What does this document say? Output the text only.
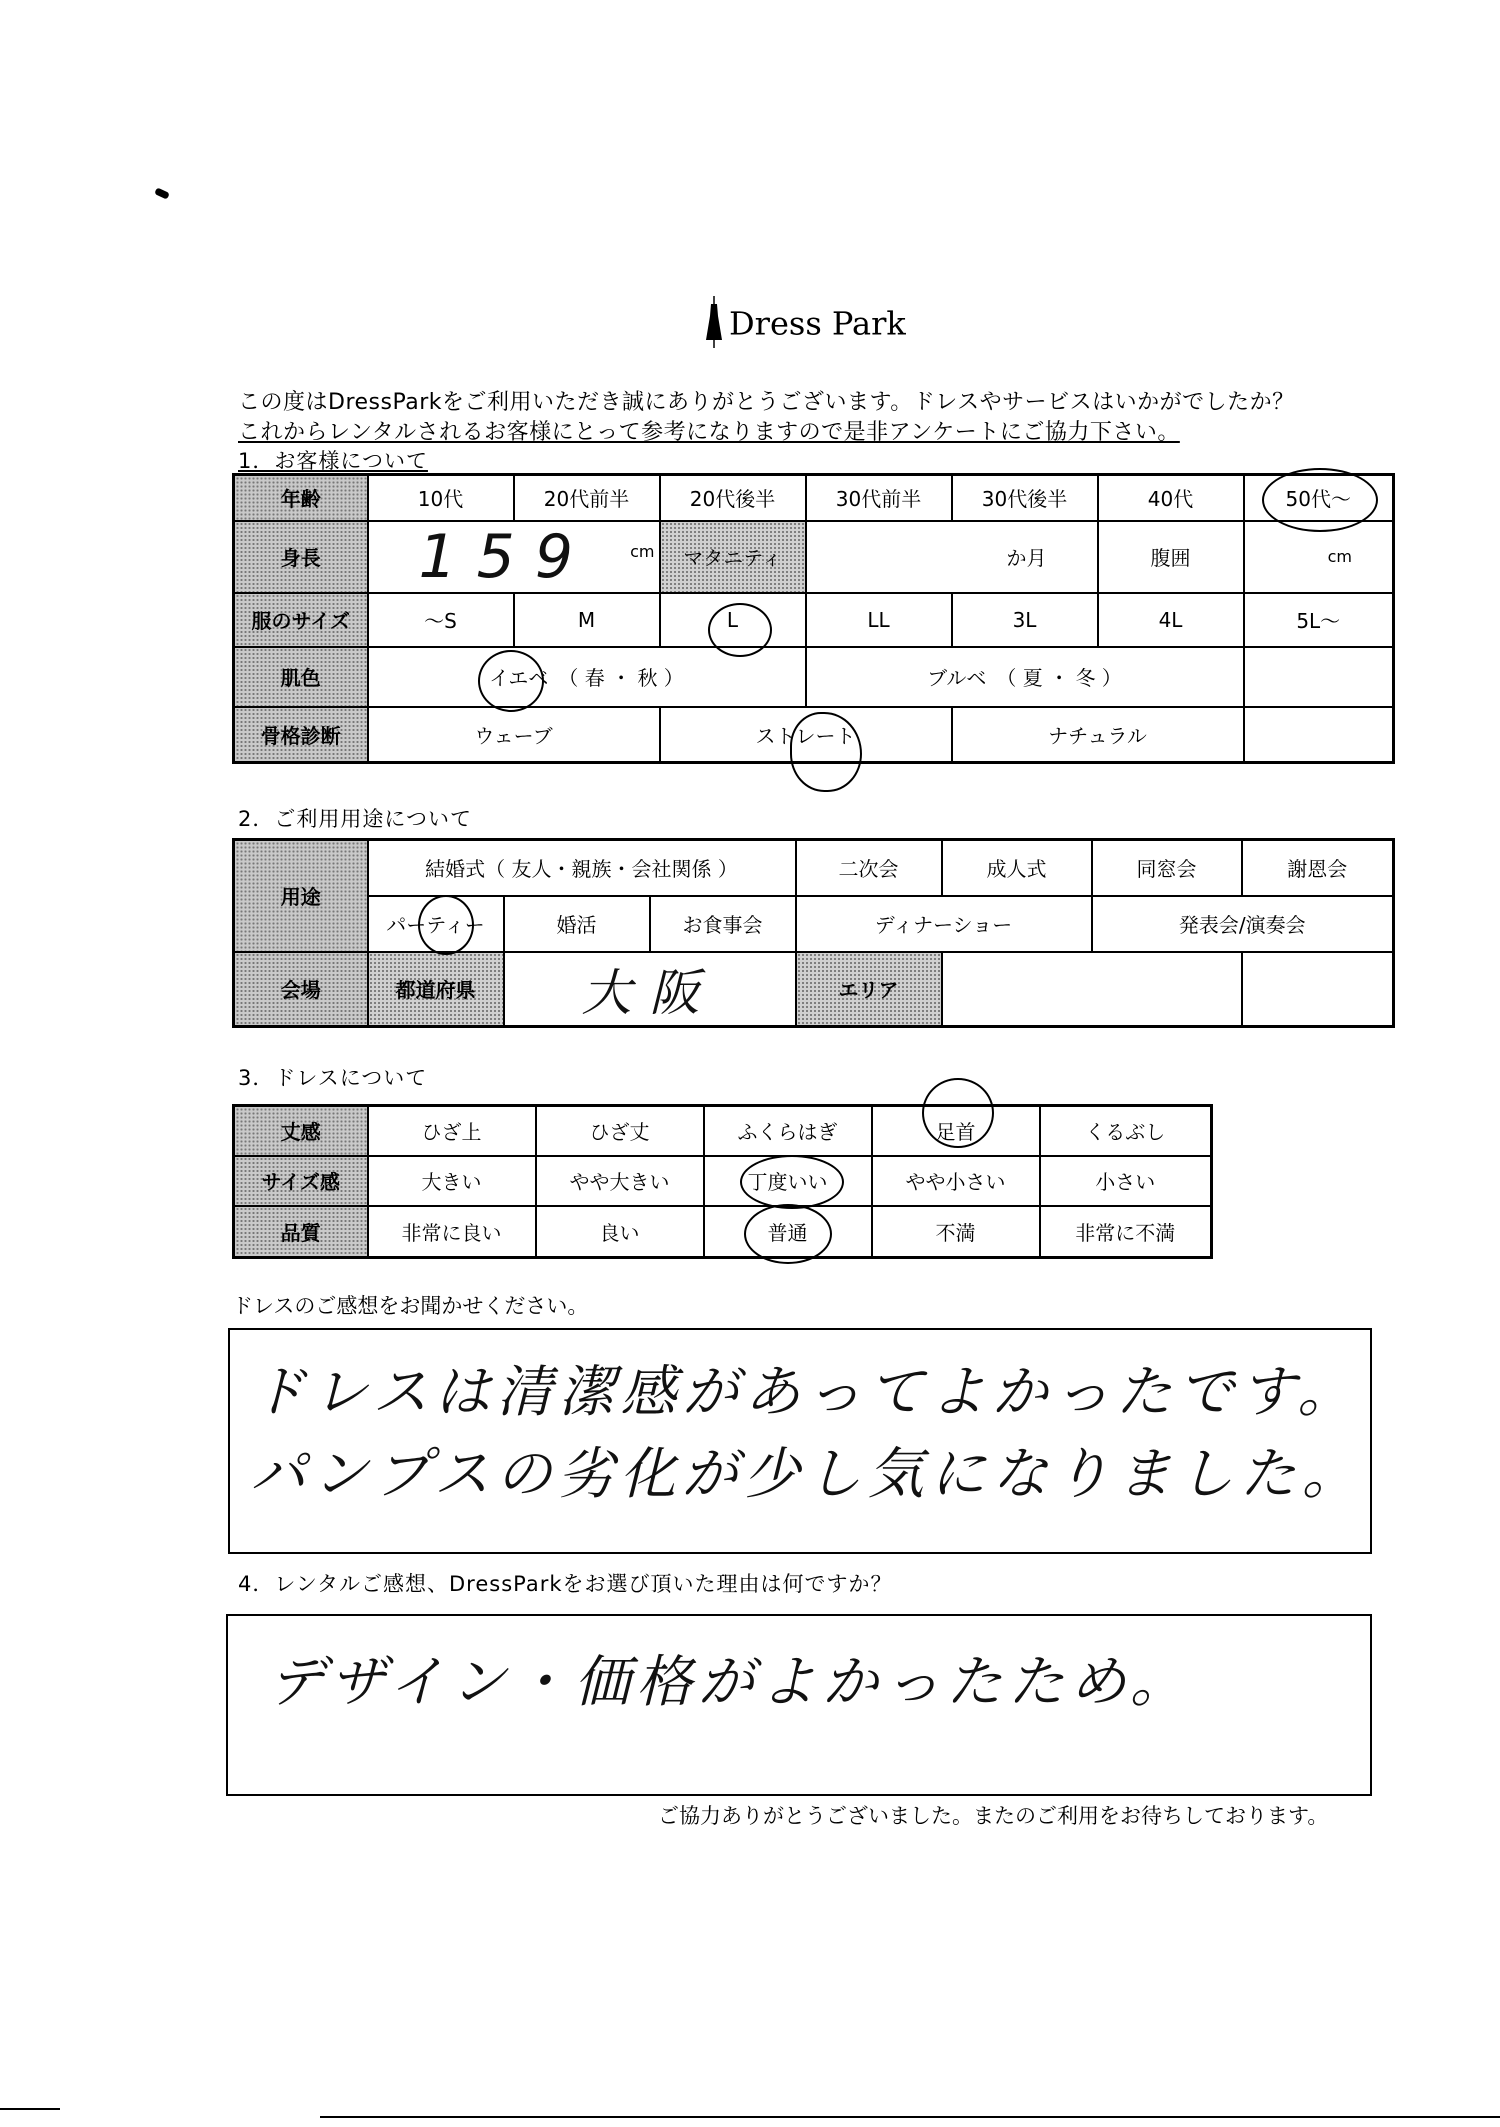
Dress Park
この度はDressParkをご利用いただき誠にありがとうございます。ドレスやサービスはいかがでしたか？
これからレンタルされるお客様にとって参考になりますので是非アンケートにご協力下さい。
1．お客様について
年齢	10代	20代前半	20代後半	30代前半	30代後半	40代	50代〜
身長	159 cm		マタニティ	か月		腹囲	cm
服のサイズ	〜S	M	L	LL	3L	4L	5L〜
肌色	イエベ　（ 春 ・ 秋 ）			ブルベ　（ 夏 ・ 冬 ）			
骨格診断	ウェーブ		ストレート		ナチュラル		
2．ご利用用途について
用途	結婚式（ 友人・親族・会社関係 ）			二次会	成人式	同窓会	謝恩会
	パーティー	婚活	お食事会	ディナーショー		発表会/演奏会	
会場	都道府県	大阪		エリア			
3．ドレスについて
丈感	ひざ上	ひざ丈	ふくらはぎ	足首	くるぶし
サイズ感	大きい	やや大きい	丁度いい	やや小さい	小さい
品質	非常に良い	良い	普通	不満	非常に不満
ドレスのご感想をお聞かせください。
ドレスは清潔感があってよかったです。
パンプスの劣化が少し気になりました。
4．レンタルご感想、DressParkをお選び頂いた理由は何ですか？
デザイン・価格がよかったため。
ご協力ありがとうございました。またのご利用をお待ちしております。
